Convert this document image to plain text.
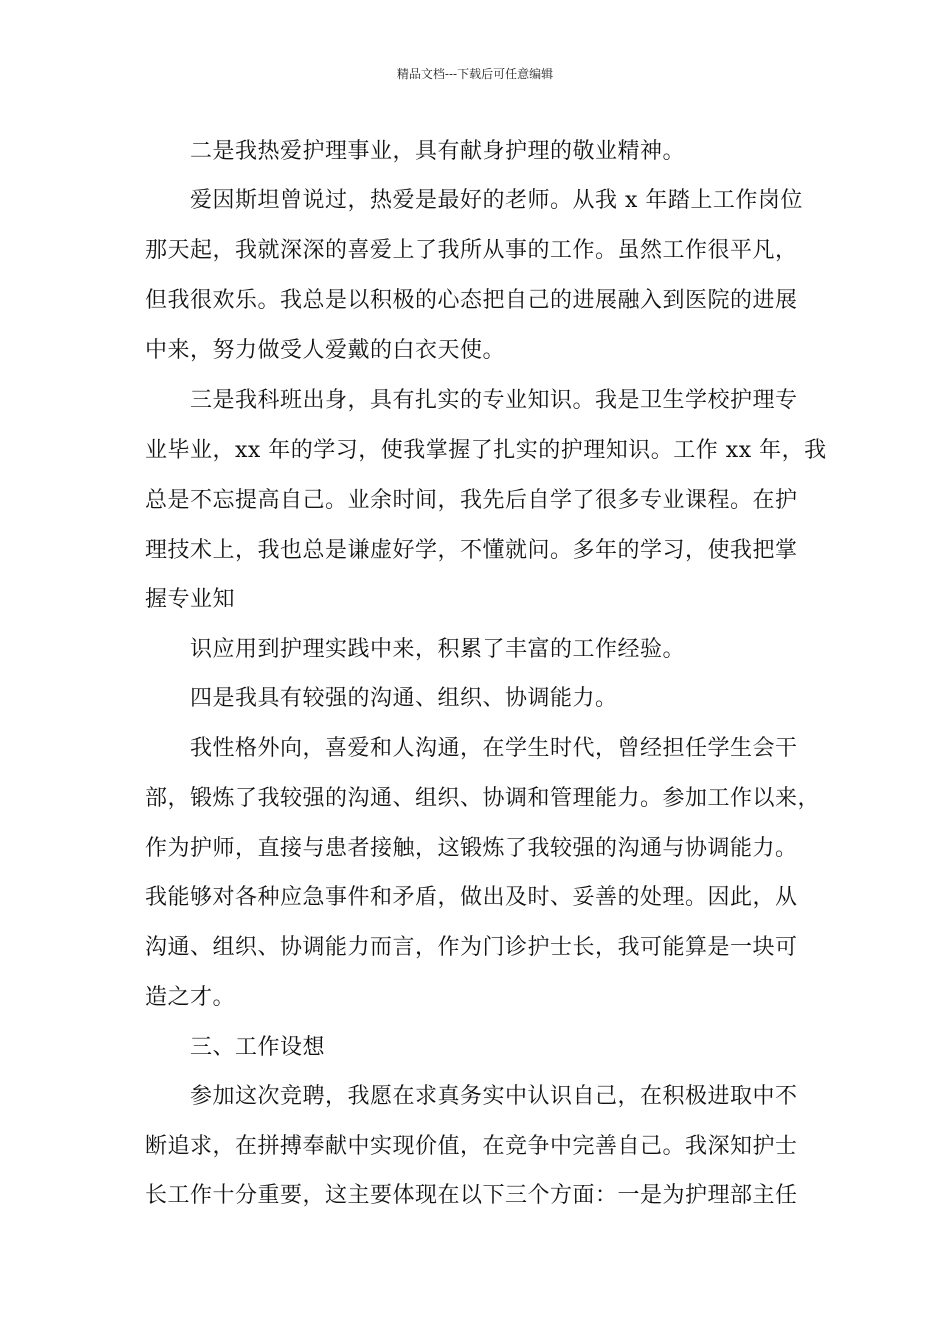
精品文档---下载后可任意编辑
二是我热爱护理事业，具有献身护理的敬业精神。
爱因斯坦曾说过，热爱是最好的老师。从我 x 年踏上工作岗位
那天起，我就深深的喜爱上了我所从事的工作。虽然工作很平凡，
但我很欢乐。我总是以积极的心态把自己的进展融入到医院的进展
中来，努力做受人爱戴的白衣天使。
三是我科班出身，具有扎实的专业知识。我是卫生学校护理专
业毕业，xx 年的学习，使我掌握了扎实的护理知识。工作 xx 年，我
总是不忘提高自己。业余时间，我先后自学了很多专业课程。在护
理技术上，我也总是谦虚好学，不懂就问。多年的学习，使我把掌
握专业知
识应用到护理实践中来，积累了丰富的工作经验。
四是我具有较强的沟通、组织、协调能力。
我性格外向，喜爱和人沟通，在学生时代，曾经担任学生会干
部，锻炼了我较强的沟通、组织、协调和管理能力。参加工作以来，
作为护师，直接与患者接触，这锻炼了我较强的沟通与协调能力。
我能够对各种应急事件和矛盾，做出及时、妥善的处理。因此，从
沟通、组织、协调能力而言，作为门诊护士长，我可能算是一块可
造之才。
三、工作设想
参加这次竞聘，我愿在求真务实中认识自己，在积极进取中不
断追求，在拼搏奉献中实现价值，在竞争中完善自己。我深知护士
长工作十分重要，这主要体现在以下三个方面：一是为护理部主任
